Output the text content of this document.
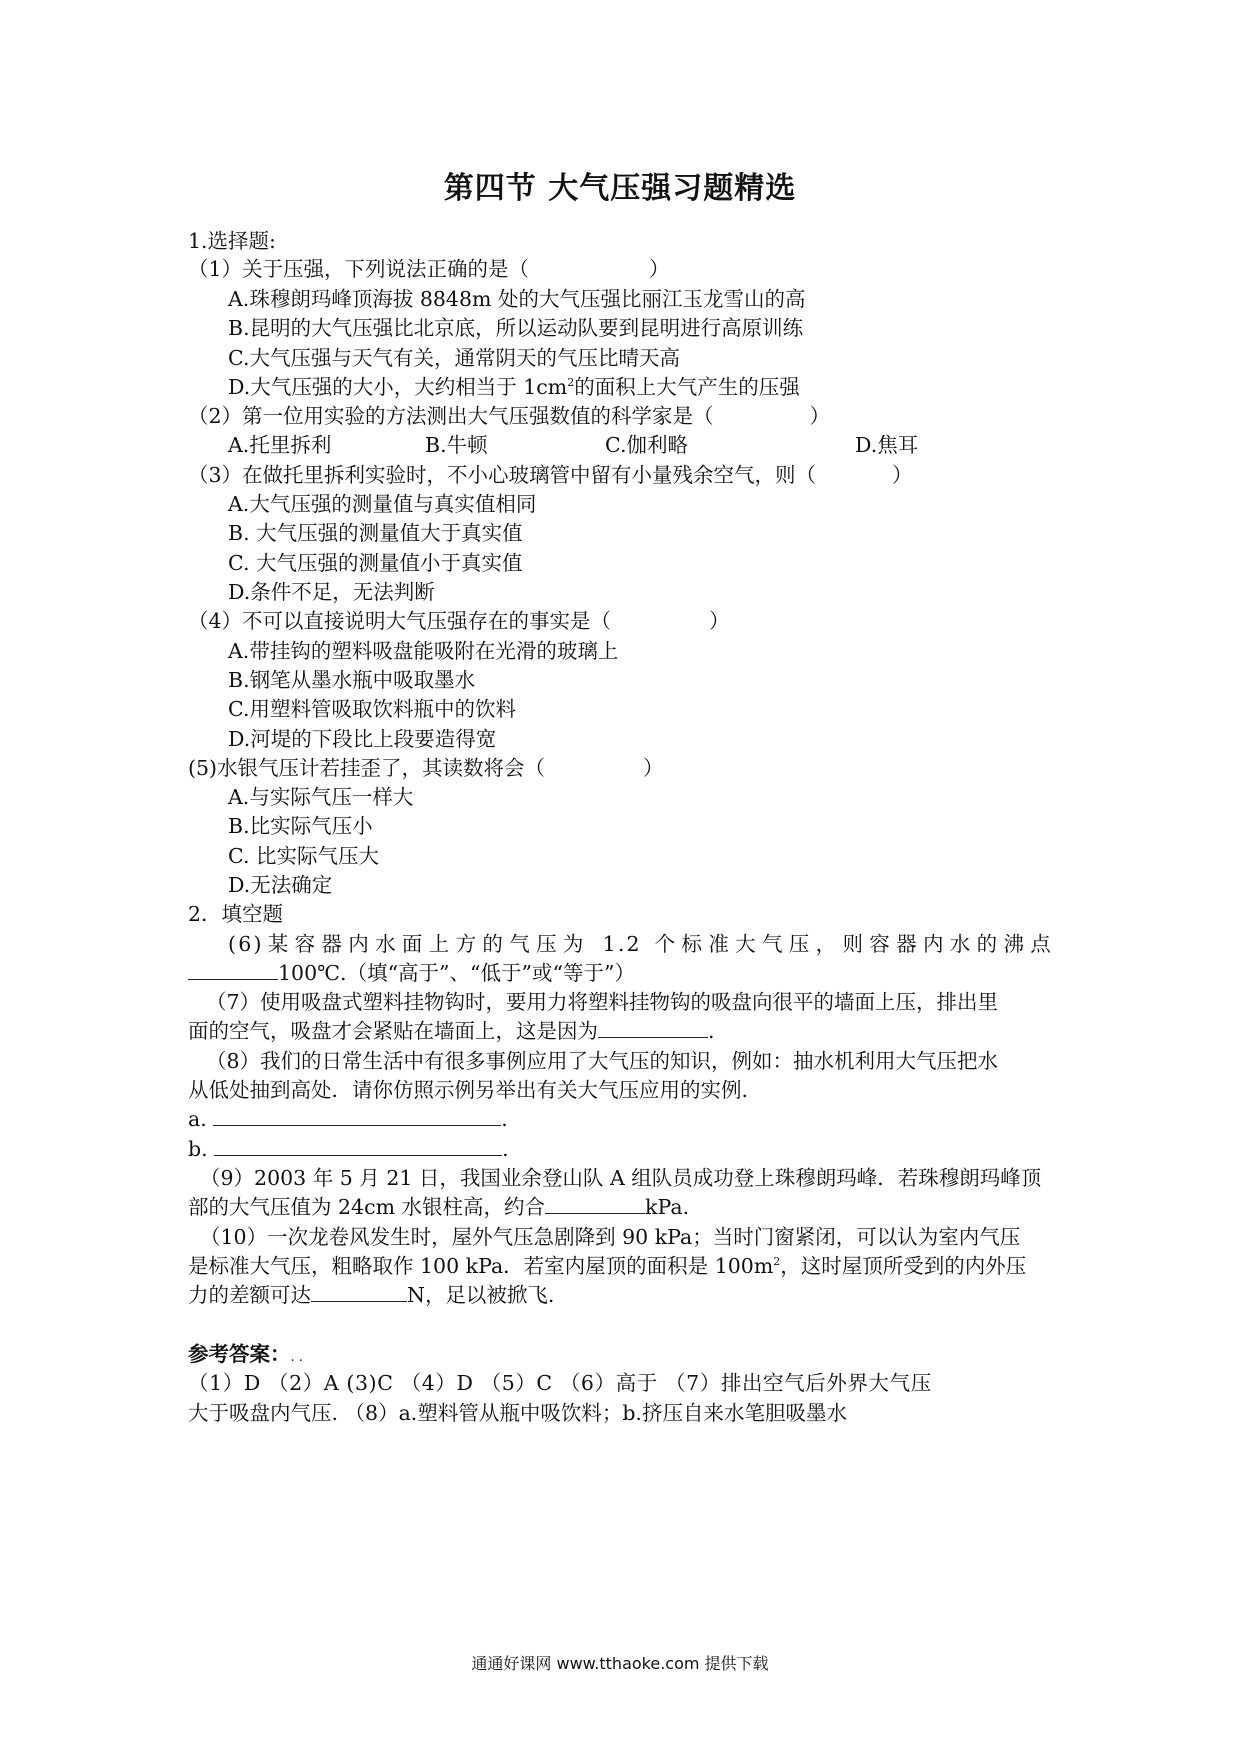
第四节 大气压强习题精选
1.选择题:
（1）关于压强，下列说法正确的是（	）
A.珠穆朗玛峰顶海拔 8848m 处的大气压强比丽江玉龙雪山的高
B.昆明的大气压强比北京底，所以运动队要到昆明进行高原训练
C.大气压强与天气有关，通常阴天的气压比晴天高
D.大气压强的大小，大约相当于 $1cm^2$的面积上大气产生的压强
（2）第一位用实验的方法测出大气压强数值的科学家是（	）
A.托里拆利	B.牛顿	C.伽利略	D.焦耳
（3）在做托里拆利实验时，不小心玻璃管中留有小量残余空气，则（	）
A.大气压强的测量值与真实值相同
B. 大气压强的测量值大于真实值
C. 大气压强的测量值小于真实值
D.条件不足，无法判断
（4）不可以直接说明大气压强存在的事实是（	）
A.带挂钩的塑料吸盘能吸附在光滑的玻璃上
B.钢笔从墨水瓶中吸取墨水
C.用塑料管吸取饮料瓶中的饮料
D.河堤的下段比上段要造得宽
(5)水银气压计若挂歪了，其读数将会（	）
A.与实际气压一样大
B.比实际气压小
C. 比实际气压大
D.无法确定
2．填空题
(6)某容器内水面上方的气压为 1.2 个标准大气压，则容器内水的沸点
100℃.（填“高于”、“低于”或“等于”）
（7）使用吸盘式塑料挂物钩时，要用力将塑料挂物钩的吸盘向很平的墙面上压，排出里
面的空气，吸盘才会紧贴在墙面上，这是因为	.
（8）我们的日常生活中有很多事例应用了大气压的知识，例如：抽水机利用大气压把水
从低处抽到高处．请你仿照示例另举出有关大气压应用的实例.
a.	.
b.	.
（9）2003 年 5 月 21 日，我国业余登山队 A 组队员成功登上珠穆朗玛峰．若珠穆朗玛峰顶
部的大气压值为 24cm 水银柱高，约合	kPa.
（10）一次龙卷风发生时，屋外气压急剧降到 90 kPa；当时门窗紧闭，可以认为室内气压
是标准大气压，粗略取作 100 kPa．若室内屋顶的面积是 $100m^2$，这时屋顶所受到的内外压
力的差额可达	N，足以被掀飞.
参考答案：. .
（1）D （2）A (3)C （4）D （5）C （6）高于 （7）排出空气后外界大气压
大于吸盘内气压. （8）a.塑料管从瓶中吸饮料；b.挤压自来水笔胆吸墨水
通通好课网 www.tthaoke.com 提供下载
